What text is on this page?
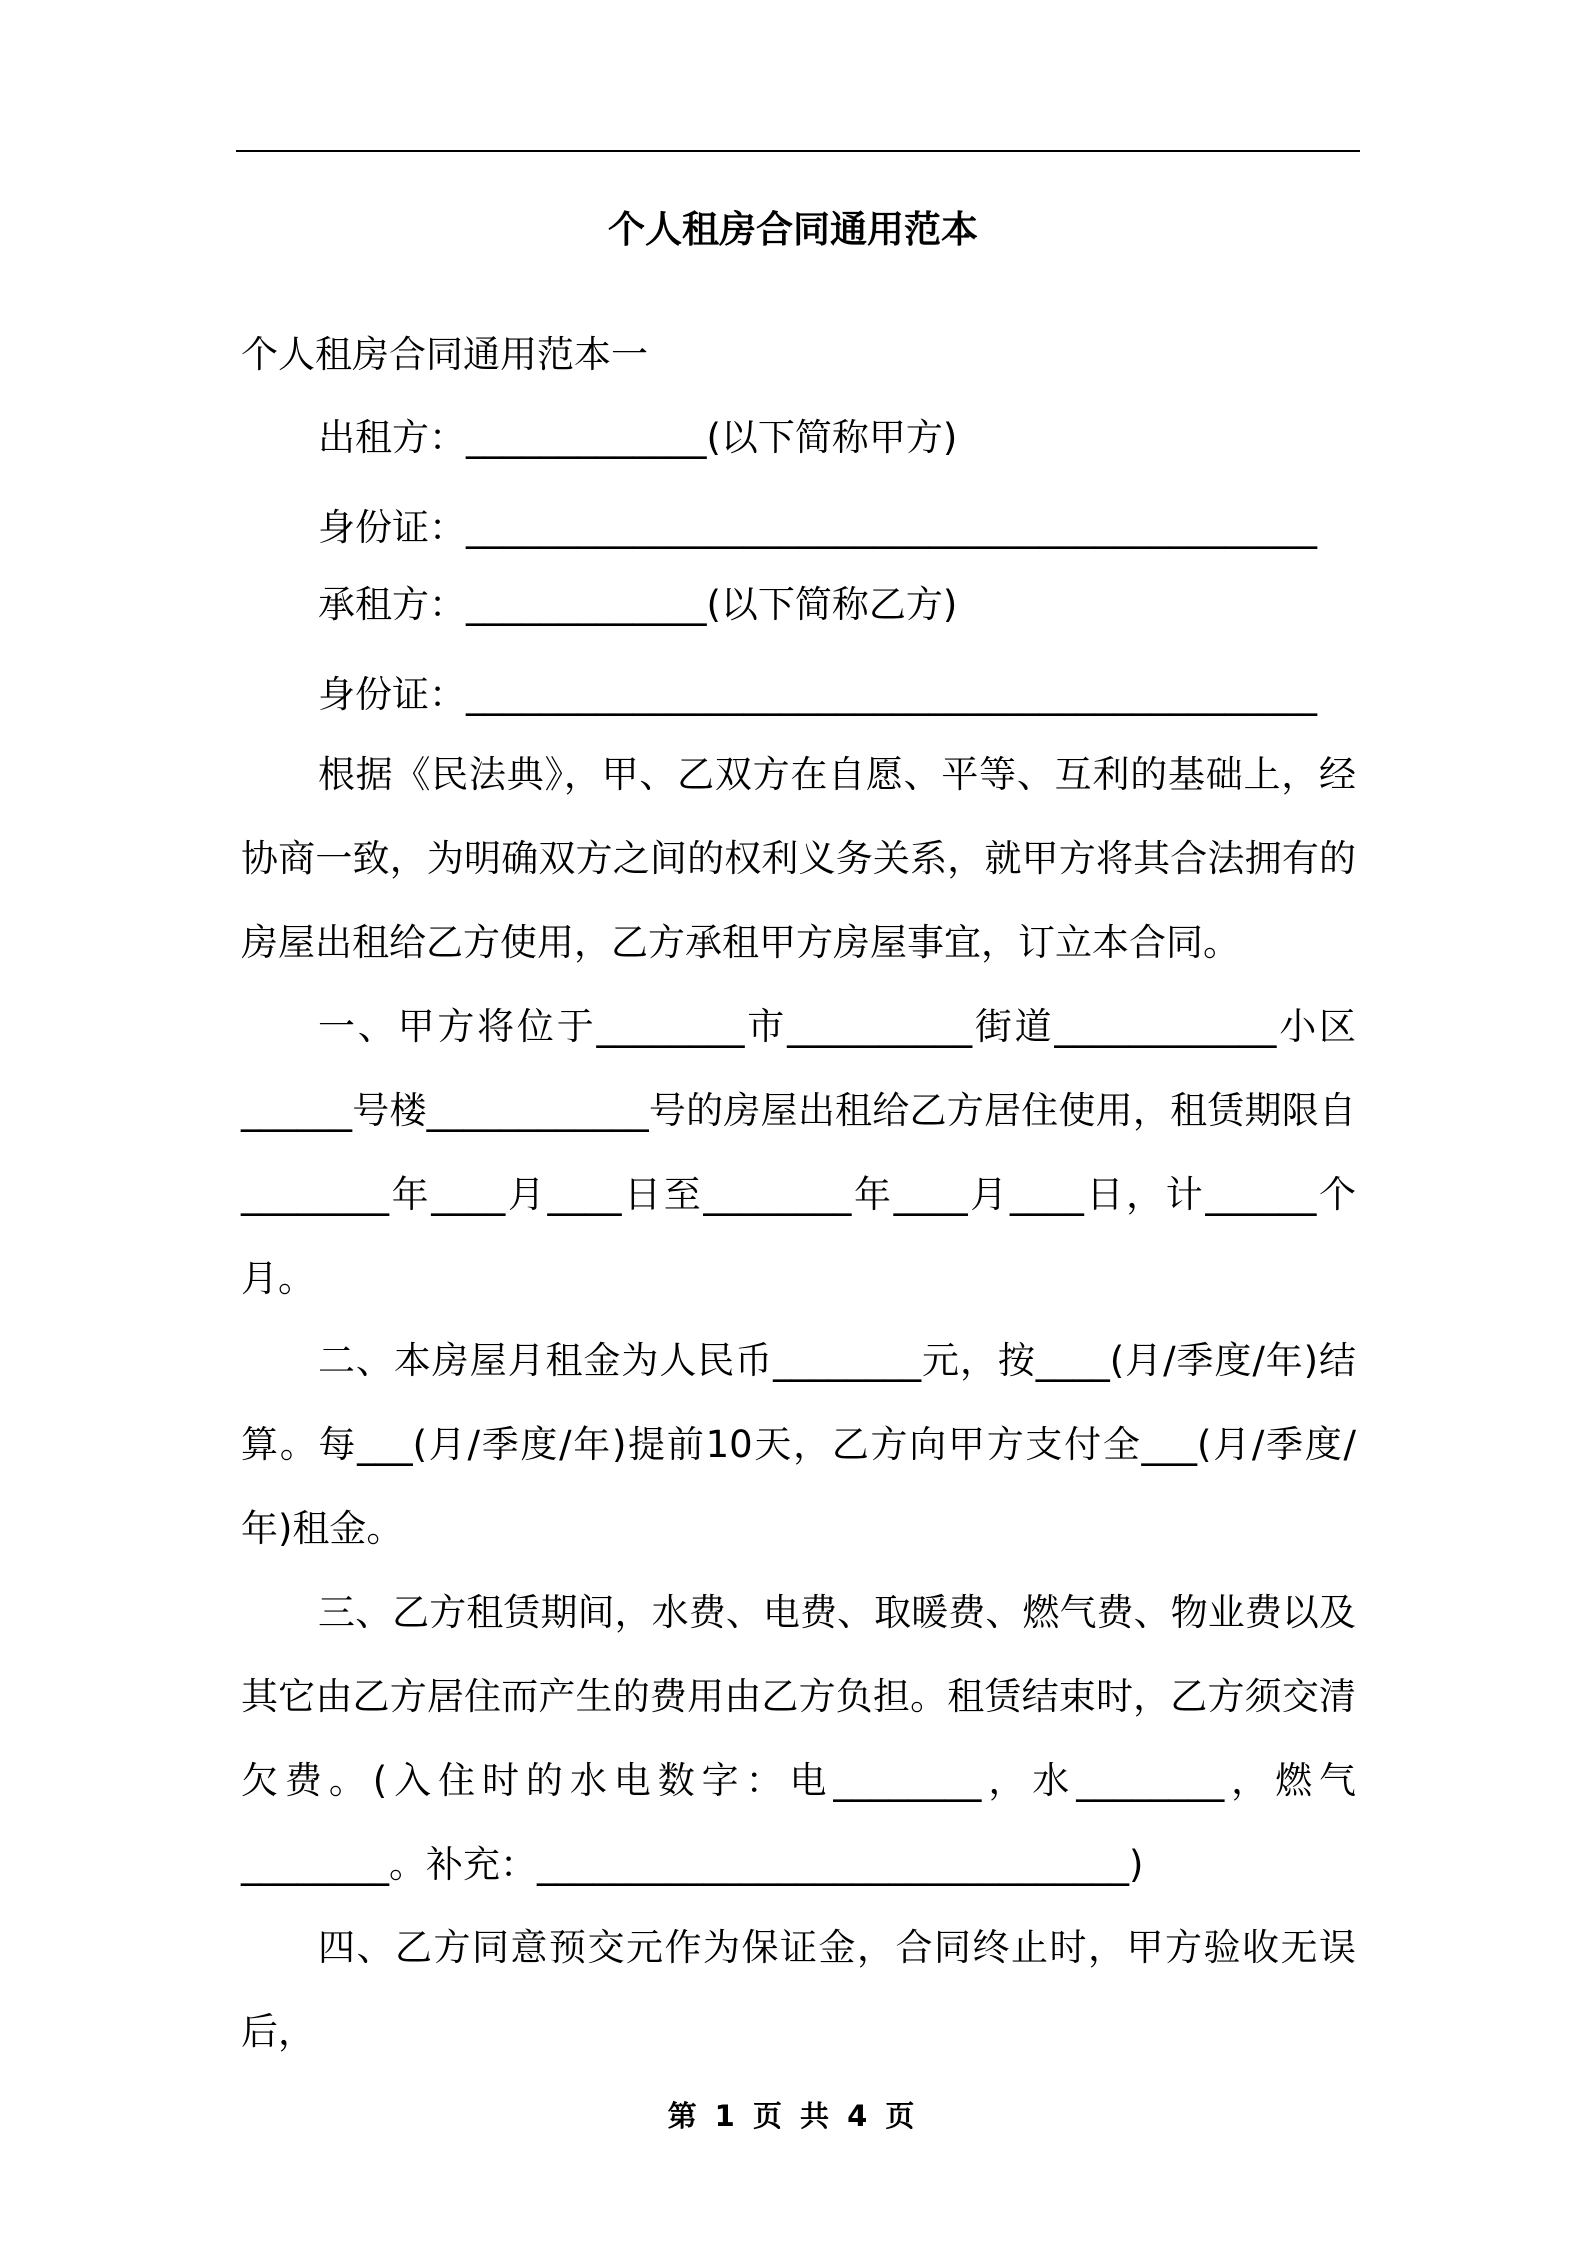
个人租房合同通用范本
个人租房合同通用范本一
出租方：_____________(以下简称甲方)
身份证：______________________________________________
承租方：_____________(以下简称乙方)
身份证：______________________________________________
根据《民法典》，甲、乙双方在自愿、平等、互利的基础上，经协商一致，为明确双方之间的权利义务关系，就甲方将其合法拥有的房屋出租给乙方使用，乙方承租甲方房屋事宜，订立本合同。
一、甲方将位于________市__________街道____________小区______号楼____________号的房屋出租给乙方居住使用，租赁期限自________年____月____日至________年____月____日，计______个月。
二、本房屋月租金为人民币________元，按____(月/季度/年)结算。每___(月/季度/年)提前10天，乙方向甲方支付全___(月/季度/年)租金。
三、乙方租赁期间，水费、电费、取暖费、燃气费、物业费以及其它由乙方居住而产生的费用由乙方负担。租赁结束时，乙方须交清欠费。(入住时的水电数字：电________，水________，燃气________。补充：________________________________)
四、乙方同意预交元作为保证金，合同终止时，甲方验收无误后，
第 1 页 共 4 页
